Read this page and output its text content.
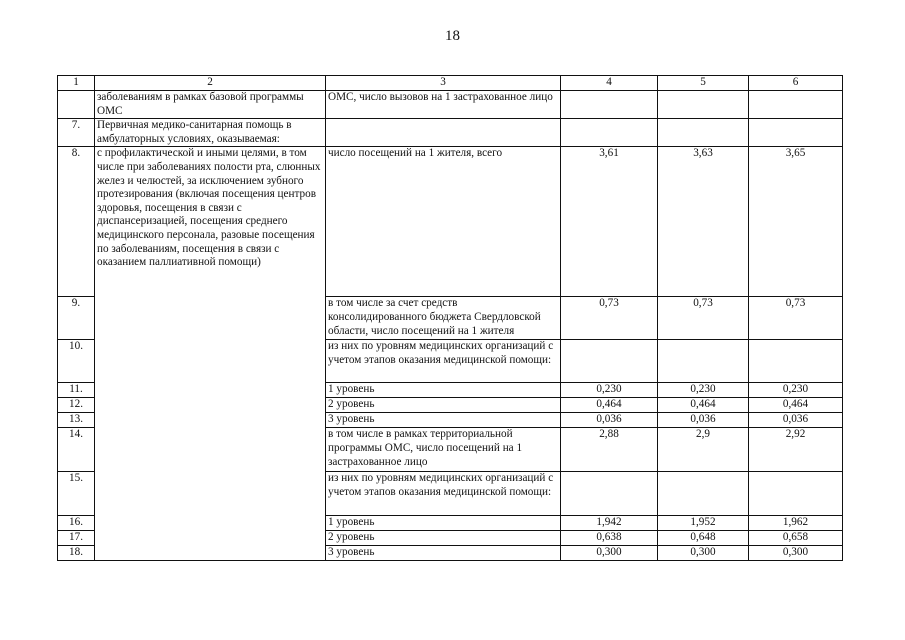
18
1	2	3	4	5	6
	заболеваниям в рамках базовой программы ОМС	ОМС, число вызовов на 1 застрахованное лицо			
7.	Первичная медико-санитарная помощь в амбулаторных условиях, оказываемая:				
8.	с профилактической и иными целями, в том числе при заболеваниях полости рта, слюнных желез и челюстей, за исключением зубного протезирования (включая посещения центров здоровья, посещения в связи с диспансеризацией, посещения среднего медицинского персонала, разовые посещения по заболеваниям, посещения в связи с оказанием паллиативной помощи)	число посещений на 1 жителя, всего	3,61	3,63	3,65
9.		в том числе за счет средств консолидированного бюджета Свердловской области, число посещений на 1 жителя	0,73	0,73	0,73
10.		из них по уровням медицинских организаций с учетом этапов оказания медицинской помощи:			
11.		1 уровень	0,230	0,230	0,230
12.		2 уровень	0,464	0,464	0,464
13.		3 уровень	0,036	0,036	0,036
14.		в том числе в рамках территориальной программы ОМС, число посещений на 1 застрахованное лицо	2,88	2,9	2,92
15.		из них по уровням медицинских организаций с учетом этапов оказания медицинской помощи:			
16.		1 уровень	1,942	1,952	1,962
17.		2 уровень	0,638	0,648	0,658
18.		3 уровень	0,300	0,300	0,300
